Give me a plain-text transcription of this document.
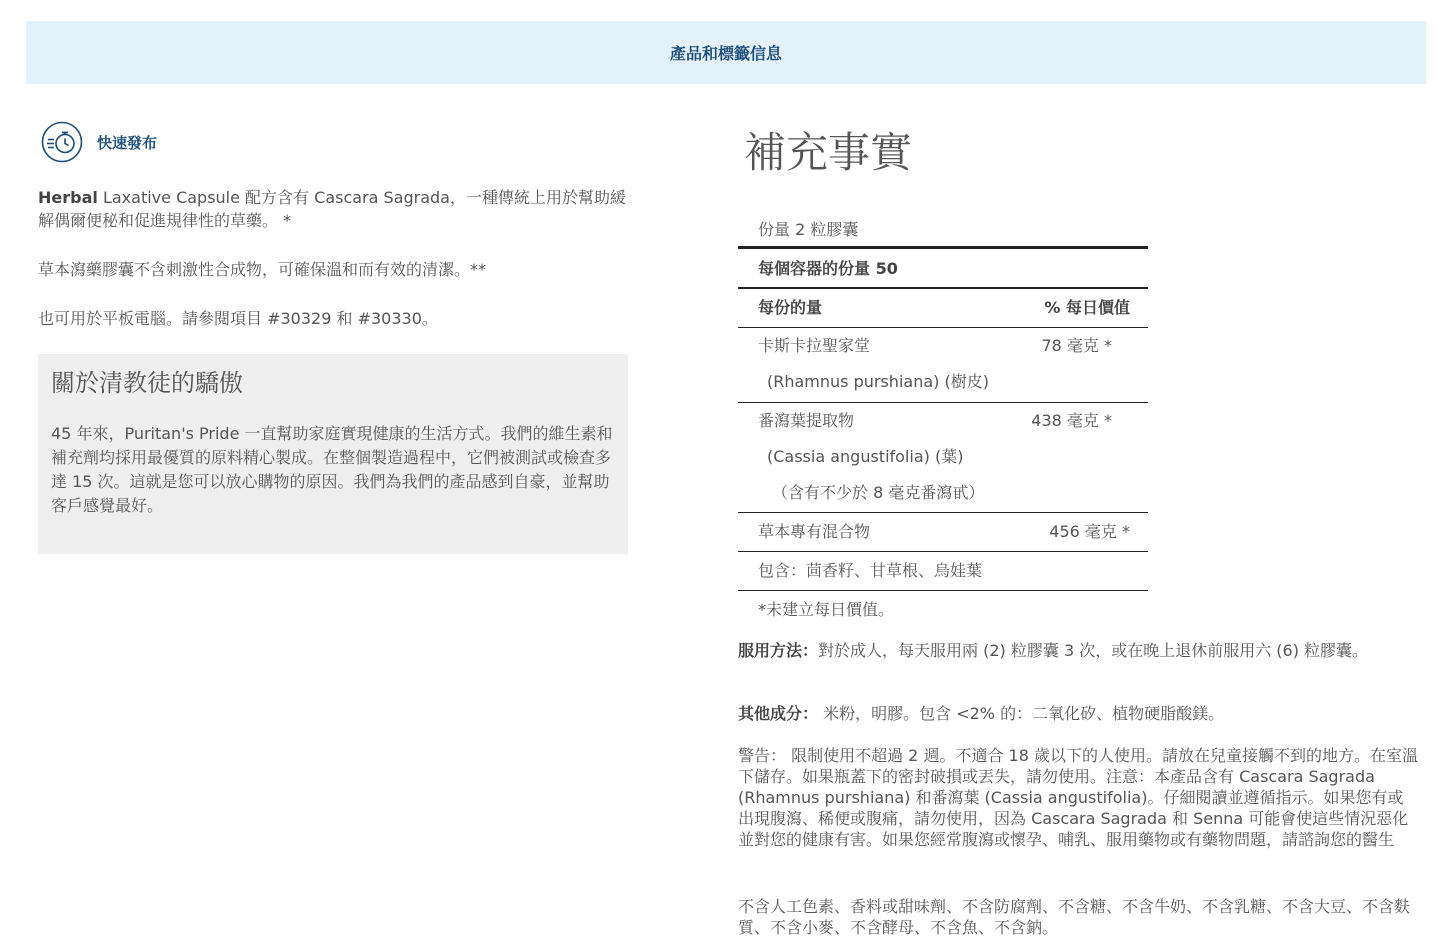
產品和標籤信息
快速發布

Herbal Laxative Capsule 配方含有 Cascara Sagrada，一種傳統上用於幫助緩解偶爾便秘和促進規律性的草藥。 *

草本瀉藥膠囊不含刺激性合成物，可確保溫和而有效的清潔。**

也可用於平板電腦。請參閱項目 #30329 和 #30330。

關於清教徒的驕傲

45 年來，Puritan's Pride 一直幫助家庭實現健康的生活方式。我們的維生素和補充劑均採用最優質的原料精心製成。在整個製造過程中，它們被測試或檢查多達 15 次。這就是您可以放心購物的原因。我們為我們的產品感到自豪，並幫助客戶感覺最好。

補充事實
份量 2 粒膠囊
每個容器的份量 50
每份的量	% 每日價值
卡斯卡拉聖家堂	78 毫克 *
(Rhamnus purshiana) (樹皮)
番瀉葉提取物	438 毫克 *
(Cassia angustifolia) (葉)
（含有不少於 8 毫克番瀉甙）
草本專有混合物	456 毫克 *
包含：茴香籽、甘草根、烏娃葉
*未建立每日價值。

服用方法：對於成人，每天服用兩 (2) 粒膠囊 3 次，或在晚上退休前服用六 (6) 粒膠囊。

其他成分： 米粉，明膠。包含 <2% 的：二氧化矽、植物硬脂酸鎂。

警告： 限制使用不超過 2 週。不適合 18 歲以下的人使用。請放在兒童接觸不到的地方。在室溫下儲存。如果瓶蓋下的密封破損或丟失，請勿使用。注意：本產品含有 Cascara Sagrada (Rhamnus purshiana) 和番瀉葉 (Cassia angustifolia)。仔細閱讀並遵循指示。如果您有或出現腹瀉、稀便或腹痛，請勿使用，因為 Cascara Sagrada 和 Senna 可能會使這些情況惡化並對您的健康有害。如果您經常腹瀉或懷孕、哺乳、服用藥物或有藥物問題，請諮詢您的醫生

不含人工色素、香料或甜味劑、不含防腐劑、不含糖、不含牛奶、不含乳糖、不含大豆、不含麩質、不含小麥、不含酵母、不含魚、不含鈉。
